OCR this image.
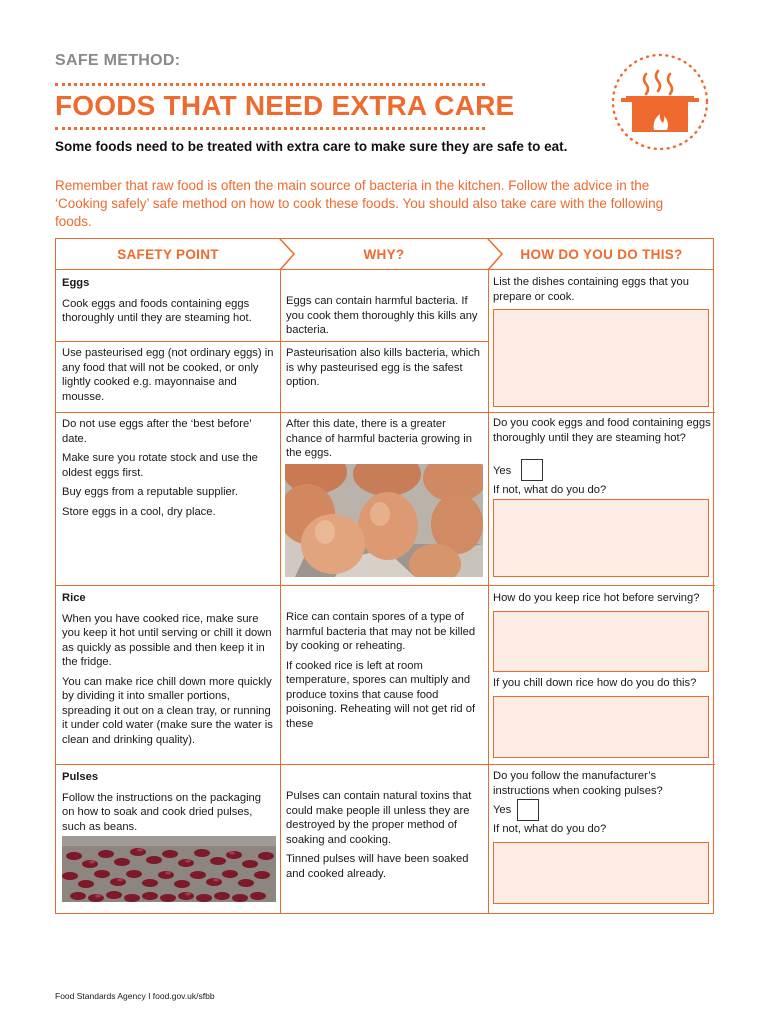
SAFE METHOD:
FOODS THAT NEED EXTRA CARE
Some foods need to be treated with extra care to make sure they are safe to eat.
Remember that raw food is often the main source of bacteria in the kitchen. Follow the advice in the ‘Cooking safely’ safe method on how to cook these foods. You should also take care with the following foods.
SAFETY POINT	WHY?	HOW DO YOU DO THIS?

Eggs

Cook eggs and foods containing eggs thoroughly until they are steaming hot.

Eggs can contain harmful bacteria. If you cook them thoroughly this kills any bacteria.

List the dishes containing eggs that you prepare or cook.

Use pasteurised egg (not ordinary eggs) in any food that will not be cooked, or only lightly cooked e.g. mayonnaise and mousse.

Pasteurisation also kills bacteria, which is why pasteurised egg is the safest option.

Do not use eggs after the ‘best before’ date.

Make sure you rotate stock and use the oldest eggs first.

Buy eggs from a reputable supplier.

Store eggs in a cool, dry place.

After this date, there is a greater chance of harmful bacteria growing in the eggs.

Do you cook eggs and food containing eggs thoroughly until they are steaming hot?

Yes

If not, what do you do?

Rice

When you have cooked rice, make sure you keep it hot until serving or chill it down as quickly as possible and then keep it in the fridge.

You can make rice chill down more quickly by dividing it into smaller portions, spreading it out on a clean tray, or running it under cold water (make sure the water is clean and drinking quality).

Rice can contain spores of a type of harmful bacteria that may not be killed by cooking or reheating.

If cooked rice is left at room temperature, spores can multiply and produce toxins that cause food poisoning. Reheating will not get rid of these

How do you keep rice hot before serving?

If you chill down rice how do you do this?

Pulses

Follow the instructions on the packaging on how to soak and cook dried pulses, such as beans.

Pulses can contain natural toxins that could make people ill unless they are destroyed by the proper method of soaking and cooking.

Tinned pulses will have been soaked and cooked already.

Do you follow the manufacturer’s instructions when cooking pulses?

Yes

If not, what do you do?

Food Standards Agency I food.gov.uk/sfbb
